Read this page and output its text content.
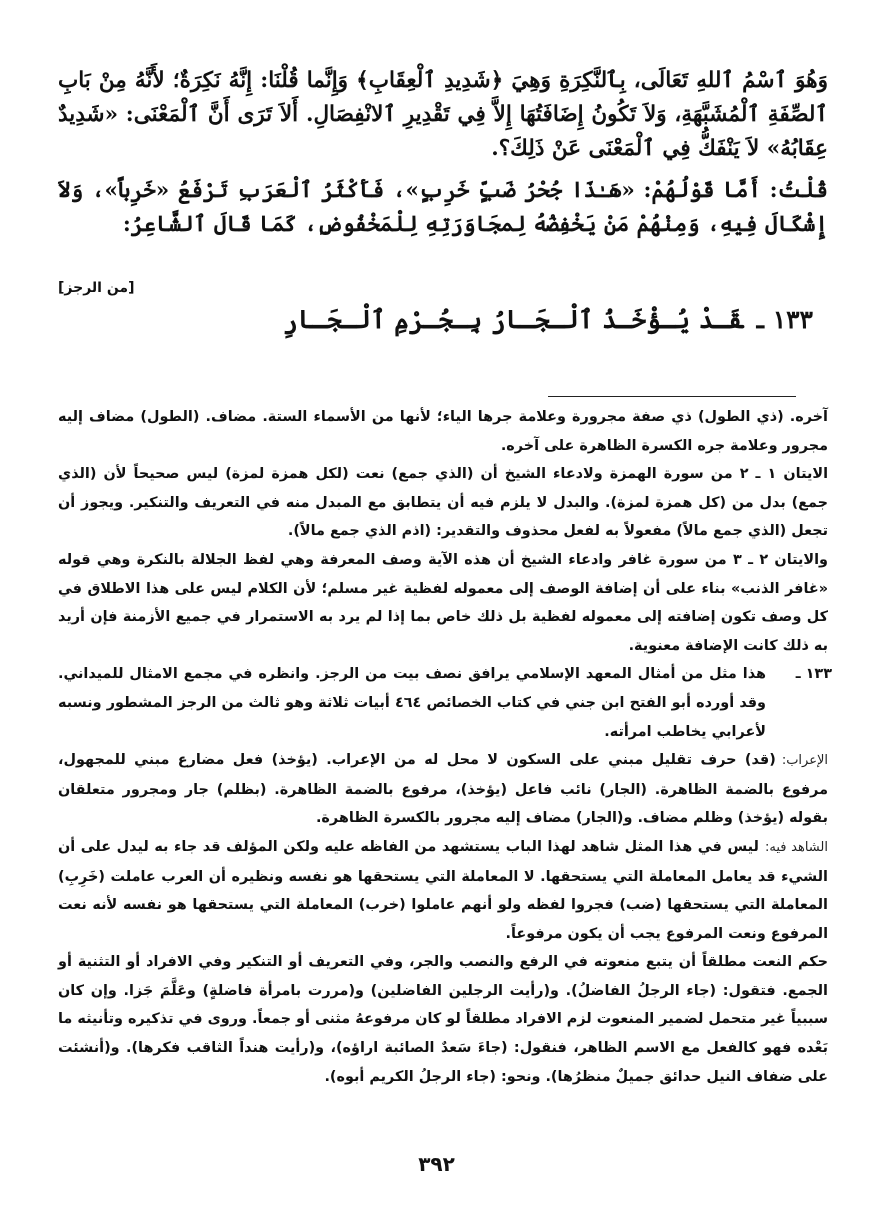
وَهُوَ ٱسْمُ ٱللهِ تَعَالَى، بِٱلنَّكِرَةِ وَهِيَ ﴿شَدِيدِ ٱلْعِقَابِ﴾ وَإِنَّما قُلْنَا: إِنَّهُ نَكِرَةٌ؛ لأَنَّهُ مِنْ بَابِ ٱلصِّفَةِ ٱلْمُشَبَّهَةِ، وَلاَ تَكُونُ إِضَافَتُهَا إِلاَّ فِي تَقْدِيرِ ٱلانْفِصَالِ. أَلاَ تَرَى أَنَّ ٱلْمَعْنَى: «شَدِيدٌ عِقَابُهُ» لاَ يَنْفَكُّ فِي ٱلْمَعْنَى عَنْ ذَلِكَ؟.

قُلْتُ: أَمَّا قَوْلُهُمْ: «هَـٰذَا جُحْرُ ضَبٍّ خَرِبٍ»، فَأَكْثَرُ ٱلْعَرَبِ تَرْفَعُ «خَرِباً»، وَلاَ إِشْكَالَ فِيهِ، وَمِنْهُمْ مَنْ يَخْفِضُهُ لِمجَاوَرَتِهِ لِلْمَخْفُوضِ، كَمَا قَالَ ٱلشَّاعِرُ:

[من الرجز]
١٣٣ ـقَـدْ يُـؤْخَـذُ ٱلْـجَـارُ بِـجُـرْمِ ٱلْـجَـارِ

آخره. (ذي الطول) ذي صفة مجرورة وعلامة جرها الياء؛ لأنها من الأسماء الستة. مضاف. (الطول) مضاف إليه مجرور وعلامة جره الكسرة الظاهرة على آخره.

الايتان ١ ـ ٢ من سورة الهمزة ولادعاء الشيخ أن (الذي جمع) نعت (لكل همزة لمزة) ليس صحيحاً لأن (الذي جمع) بدل من (كل همزة لمزة). والبدل لا يلزم فيه أن يتطابق مع المبدل منه في التعريف والتنكير. ويجوز أن تجعل (الذي جمع مالاً) مفعولاً به لفعل محذوف والتقدير: (اذم الذي جمع مالاً).

والايتان ٢ ـ ٣ من سورة غافر وادعاء الشيخ أن هذه الآية وصف المعرفة وهي لفظ الجلالة بالنكرة وهي قوله «غافر الذنب» بناء على أن إضافة الوصف إلى معموله لفظية غير مسلم؛ لأن الكلام ليس على هذا الاطلاق في كل وصف تكون إضافته إلى معموله لفظية بل ذلك خاص بما إذا لم يرد به الاستمرار في جميع الأزمنة فإن أريد به ذلك كانت الإضافة معنوية.

١٣٣ ـ
هذا مثل من أمثال المعهد الإسلامي يرافق نصف بيت من الرجز. وانظره في مجمع الامثال للميداني. وقد أورده أبو الفتح ابن جني في كتاب الخصائص ٤٦٤ أبيات ثلاثة وهو ثالث من الرجز المشطور ونسبه لأعرابي يخاطب امرأته.

الإعراب:(قد) حرف تقليل مبني على السكون لا محل له من الإعراب. (يؤخذ) فعل مضارع مبني للمجهول، مرفوع بالضمة الظاهرة. (الجار) نائب فاعل (يؤخذ)، مرفوع بالضمة الظاهرة. (بظلم) جار ومجرور متعلقان بقوله (يؤخذ) وظلم مضاف. و(الجار) مضاف إليه مجرور بالكسرة الظاهرة.

الشاهد فيه:ليس في هذا المثل شاهد لهذا الباب يستشهد من الفاظه عليه ولكن المؤلف قد جاء به ليدل على أن الشيء قد يعامل المعاملة التي يستحقها. لا المعاملة التي يستحقها هو نفسه ونظيره أن العرب عاملت (خَرِبِ) المعاملة التي يستحقها (ضب) فجروا لفظه ولو أنهم عاملوا (خرب) المعاملة التي يستحقها هو نفسه لأنه نعت المرفوع ونعت المرفوع يجب أن يكون مرفوعاً.

حكم النعت مطلقاً أن يتبع منعوته في الرفع والنصب والجر، وفي التعريف أو التنكير وفي الافراد أو التثنية أو الجمع. فتقول: (جاء الرجلُ الفاضلُ). و(رأيت الرجلين الفاضلين) و(مررت بامرأة فاضلةٍ) وعَلَّمَ جَزا. وإن كان سببياً غير متحمل لضمير المنعوت لزم الافراد مطلقاً لو كان مرفوعهُ مثنى أو جمعاً. وروى في تذكيره وتأنيثه ما بَعْده فهو كالفعل مع الاسم الظاهر، فنقول: (جاءَ سَعدٌ الصائبة اراؤه)، و(رأيت هنداً الثاقب فكرها). و(أنشئت على ضفاف النيل حدائق جميلٌ منظرُها). ونحو: (جاء الرجلُ الكريم أبوه).

٣٩٢
